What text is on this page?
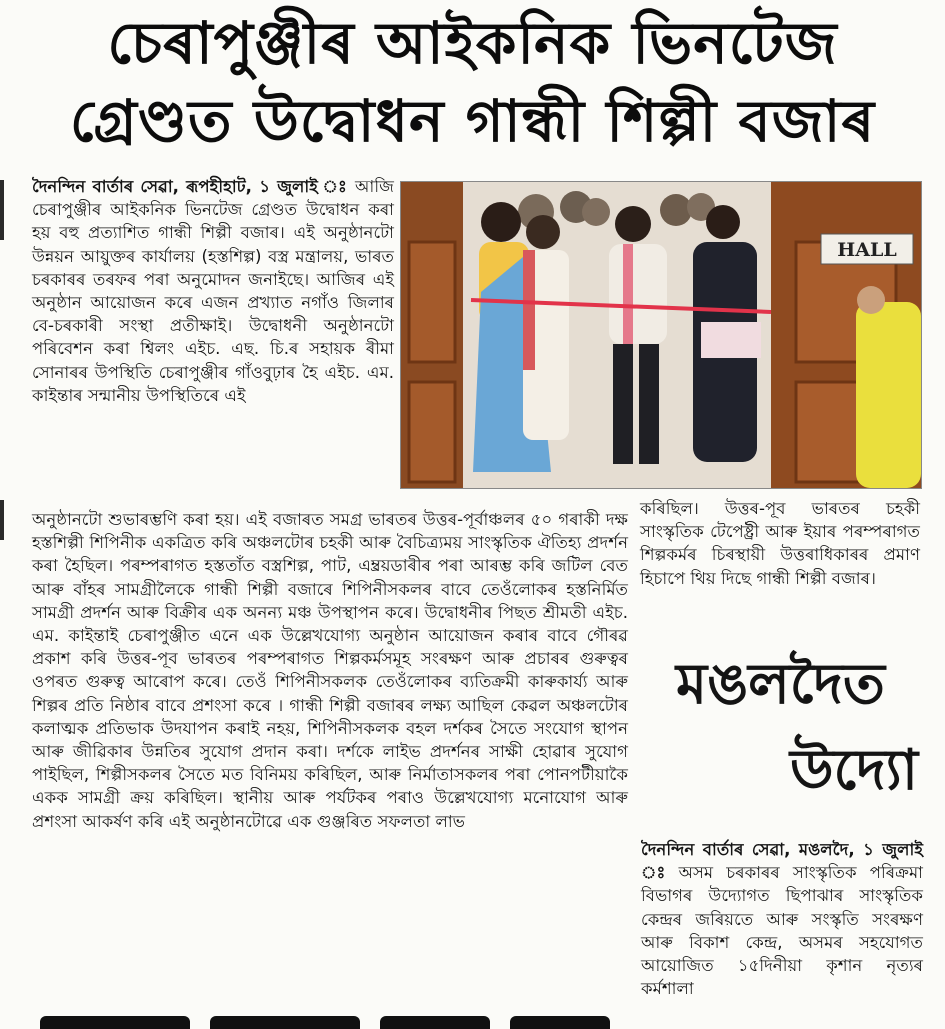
চেৰাপুঞ্জীৰ আইকনিক ভিনটেজ
গ্ৰেণ্ডত উদ্বোধন গান্ধী শিল্পী বজাৰ
দৈনন্দিন বাৰ্তাৰ সেৱা, ৰূপহীহাট, ১ জুলাই ঃ আজি চেৰাপুঞ্জীৰ আইকনিক ভিনটেজ গ্ৰেণ্ডত উদ্বোধন কৰা হয় বহু প্ৰত্যাশিত গান্ধী শিল্পী বজাৰ। এই অনুষ্ঠানটো উন্নয়ন আয়ুক্তৰ কাৰ্যালয় (হস্তশিল্প) বস্ত্ৰ মন্ত্ৰালয়, ভাৰত চৰকাৰৰ তৰফৰ পৰা অনুমোদন জনাইছে। আজিৰ এই অনুষ্ঠান আয়োজন কৰে এজন প্ৰখ্যাত নগাঁও জিলাৰ বে-চৰকাৰী সংস্থা প্ৰতীক্ষাই। উদ্বোধনী অনুষ্ঠানটো পৰিবেশন কৰা শ্বিলং এইচ. এছ. চি.ৰ সহায়ক ৰীমা সোনাৰৰ উপস্থিতি চেৰাপুঞ্জীৰ গাঁওবুঢ়াৰ হৈ এইচ. এম. কাইন্তাৰ সন্মানীয় উপস্থিতিৰে এই
HALL
অনুষ্ঠানটো শুভাৰম্ভণি কৰা হয়। এই বজাৰত সমগ্ৰ ভাৰতৰ উত্তৰ-পূৰ্বাঞ্চলৰ ৫০ গৰাকী দক্ষ হস্তশিল্পী শিপিনীক একত্ৰিত কৰি অঞ্চলটোৰ চহকী আৰু বৈচিত্ৰ্যময় সাংস্কৃতিক ঐতিহ্য প্ৰদৰ্শন কৰা হৈছিল। পৰম্পৰাগত হস্ততাঁত বস্ত্ৰশিল্প, পাট, এম্ব্ৰয়ডাৰীৰ পৰা আৰম্ভ কৰি জটিল বেত আৰু বাঁহৰ সামগ্ৰীলৈকে গান্ধী শিল্পী বজাৰে শিপিনীসকলৰ বাবে তেওঁলোকৰ হস্তনিৰ্মিত সামগ্ৰী প্ৰদৰ্শন আৰু বিক্ৰীৰ এক অনন্য মঞ্চ উপস্থাপন কৰে। উদ্বোধনীৰ পিছত শ্ৰীমতী এইচ. এম. কাইন্তাই চেৰাপুঞ্জীত এনে এক উল্লেখযোগ্য অনুষ্ঠান আয়োজন কৰাৰ বাবে গৌৰৱ প্ৰকাশ কৰি উত্তৰ-পূব ভাৰতৰ পৰম্পৰাগত শিল্পকৰ্মসমূহ সংৰক্ষণ আৰু প্ৰচাৰৰ গুৰুত্বৰ ওপৰত গুৰুত্ব আৰোপ কৰে। তেওঁ শিপিনীসকলক তেওঁলোকৰ ব্যতিক্ৰমী কাৰুকাৰ্য্য আৰু শিল্পৰ প্ৰতি নিষ্ঠাৰ বাবে প্ৰশংসা কৰে । গান্ধী শিল্পী বজাৰৰ লক্ষ্য আছিল কেৱল অঞ্চলটোৰ কলাত্মক প্ৰতিভাক উদযাপন কৰাই নহয়, শিপিনীসকলক বহল দৰ্শকৰ সৈতে সংযোগ স্থাপন আৰু জীৱিকাৰ উন্নতিৰ সুযোগ প্ৰদান কৰা। দৰ্শকে লাইভ প্ৰদৰ্শনৰ সাক্ষী হোৱাৰ সুযোগ পাইছিল, শিল্পীসকলৰ সৈতে মত বিনিময় কৰিছিল, আৰু নিৰ্মাতাসকলৰ পৰা পোনপটীয়াকৈ একক সামগ্ৰী ক্ৰয় কৰিছিল। স্থানীয় আৰু পৰ্যটকৰ পৰাও উল্লেখযোগ্য মনোযোগ আৰু প্ৰশংসা আকৰ্ষণ কৰি এই অনুষ্ঠানটোৱে এক গুঞ্জৰিত সফলতা লাভ
কৰিছিল। উত্তৰ-পূব ভাৰতৰ চহকী সাংস্কৃতিক টেপেষ্ট্ৰী আৰু ইয়াৰ পৰম্পৰাগত শিল্পকৰ্মৰ চিৰস্থায়ী উত্তৰাধিকাৰৰ প্ৰমাণ হিচাপে থিয় দিছে গান্ধী শিল্পী বজাৰ।
মঙলদৈত
উদ্যো
দৈনন্দিন বাৰ্তাৰ সেৱা, মঙলদৈ, ১ জুলাই ঃ অসম চৰকাৰৰ সাংস্কৃতিক পৰিক্ৰমা বিভাগৰ উদ্যোগত ছিপাঝাৰ সাংস্কৃতিক কেন্দ্ৰৰ জৰিয়তে আৰু সংস্কৃতি সংৰক্ষণ আৰু বিকাশ কেন্দ্ৰ, অসমৰ সহযোগত আয়োজিত ১৫দিনীয়া কৃশান নৃত্যৰ কৰ্মশালা
